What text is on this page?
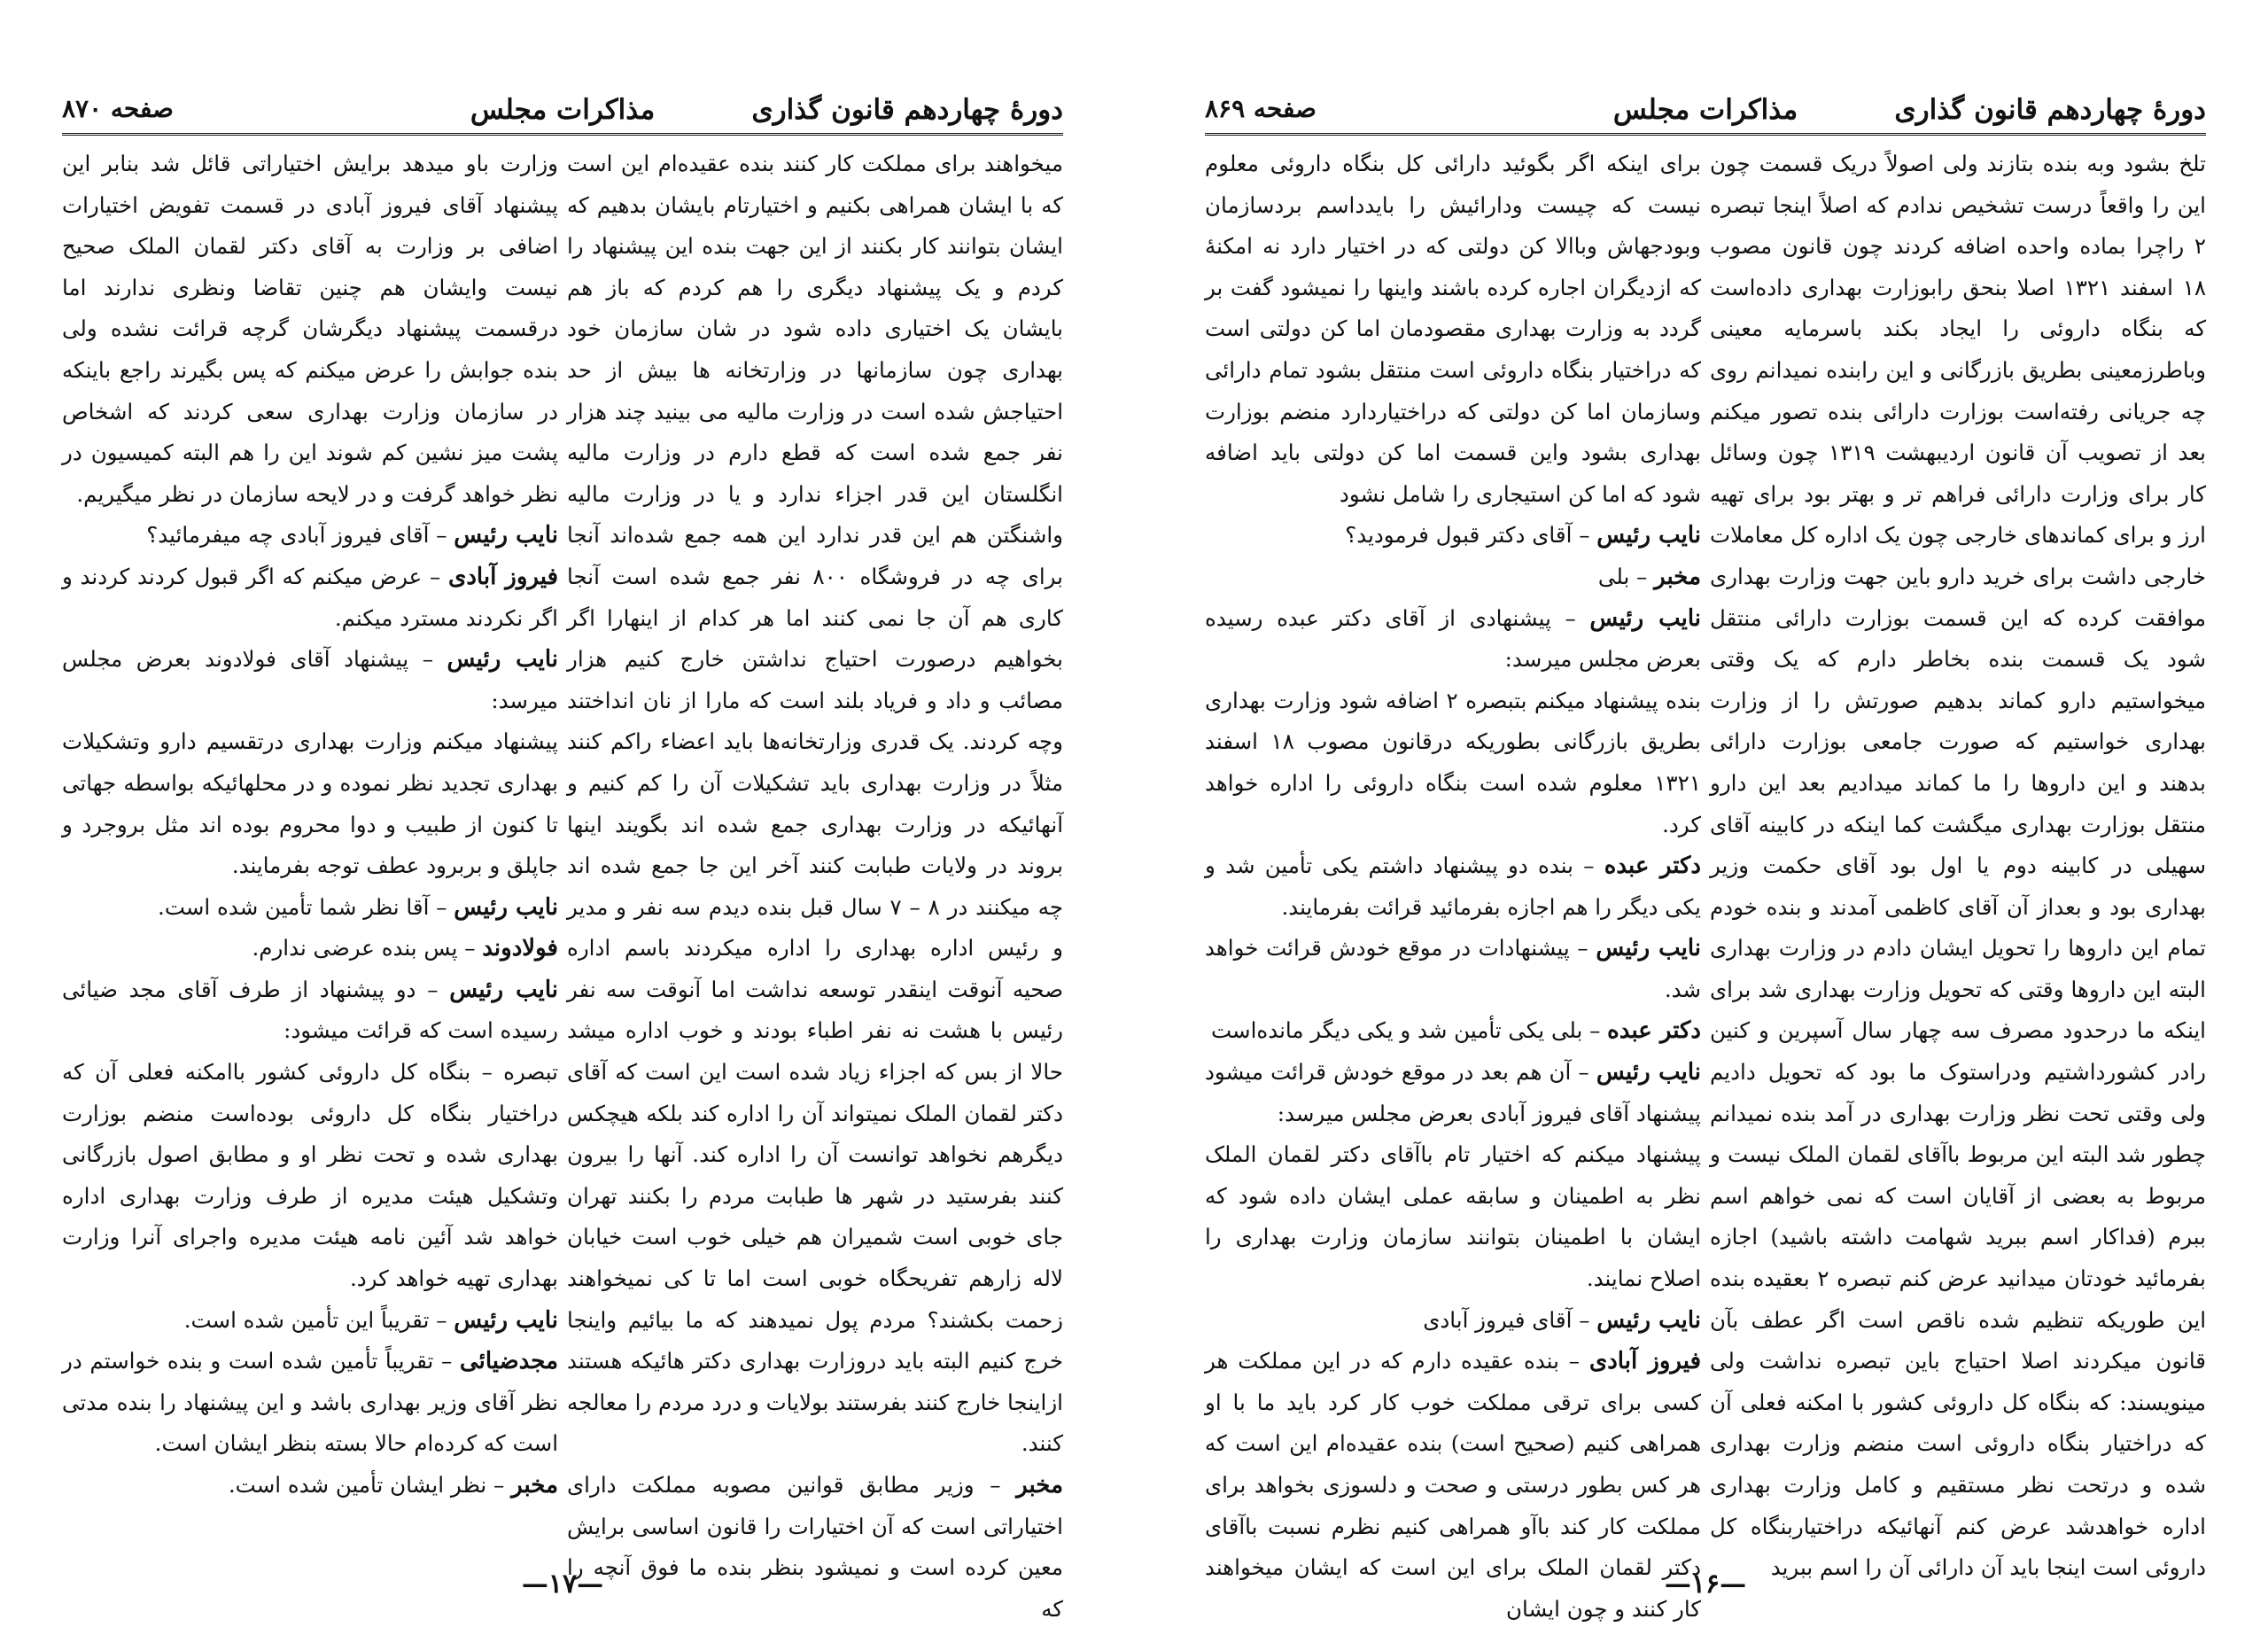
دورهٔ چهاردهم قانون گذاری
مذاکرات مجلس
صفحه ۸۷۰

میخواهند برای مملکت کار کنند بنده عقیده‌ام این است که با ایشان همراهی بکنیم و اختیارتام بایشان بدهیم که ایشان بتوانند کار بکنند از این جهت بنده این پیشنهاد را کردم و یک پیشنهاد دیگری را هم کردم که باز هم بایشان یک اختیاری داده شود در شان سازمان خود بهداری چون سازمانها در وزارتخانه ها بیش از حد احتیاجش شده است در وزارت مالیه می بینید چند هزار نفر جمع شده است که قطع دارم در وزارت مالیه انگلستان این قدر اجزاء ندارد و یا در وزارت مالیه واشنگتن هم این قدر ندارد این همه جمع شده‌اند آنجا برای چه در فروشگاه ۸۰۰ نفر جمع شده است آنجا کاری هم آن جا نمی کنند اما هر کدام از اینهارا اگر بخواهیم درصورت احتیاج نداشتن خارج کنیم هزار مصائب و داد و فریاد بلند است که مارا از نان انداختند وچه کردند. یک قدری وزارتخانه‌ها باید اعضاء راکم کنند مثلاً در وزارت بهداری باید تشکیلات آن را کم کنیم و آنهائیکه در وزارت بهداری جمع شده اند بگویند اینها بروند در ولایات طبابت کنند آخر این جا جمع شده اند چه میکنند در ۸ – ۷ سال قبل بنده دیدم سه نفر و مدیر و رئیس اداره بهداری را اداره میکردند باسم اداره صحیه آنوقت اینقدر توسعه نداشت اما آنوقت سه نفر رئیس با هشت نه نفر اطباء بودند و خوب اداره میشد حالا از بس که اجزاء زیاد شده است این است که آقای دکتر لقمان الملک نمیتواند آن را اداره کند بلکه هیچکس دیگرهم نخواهد توانست آن را اداره کند. آنها را بیرون کنند بفرستید در شهر ها طبابت مردم را بکنند تهران جای خوبی است شمیران هم خیلی خوب است خیابان لاله زارهم تفریحگاه خوبی است اما تا کی نمیخواهند زحمت بکشند؟ مردم پول نمیدهند که ما بیائیم واینجا خرج کنیم البته باید دروزارت بهداری دکتر هائیکه هستند ازاینجا خارج کنند بفرستند بولایات و درد مردم را معالجه کنند.

مخبر – وزیر مطابق قوانین مصوبه مملکت دارای اختیاراتی است که آن اختیارات را قانون اساسی برایش معین کرده است و نمیشود بنظر بنده ما فوق آنچه را که

وزارت باو میدهد برایش اختیاراتی قائل شد بنابر این پیشنهاد آقای فیروز آبادی در قسمت تفویض اختیارات اضافی بر وزارت به آقای دکتر لقمان الملک صحیح نیست وایشان هم چنین تقاضا ونظری ندارند اما درقسمت پیشنهاد دیگرشان گرچه قرائت نشده ولی بنده جوابش را عرض میکنم که پس بگیرند راجع باینکه در سازمان وزارت بهداری سعی کردند که اشخاص پشت میز نشین کم شوند این را هم البته کمیسیون در نظر خواهد گرفت و در لایحه سازمان در نظر میگیریم.

نایب رئیس – آقای فیروز آبادی چه میفرمائید؟

فیروز آبادی – عرض میکنم که اگر قبول کردند کردند و اگر نکردند مسترد میکنم.

نایب رئیس – پیشنهاد آقای فولادوند بعرض مجلس میرسد:

پیشنهاد میکنم وزارت بهداری درتقسیم دارو وتشکیلات بهداری تجدید نظر نموده و در محلهائیکه بواسطه جهاتی تا کنون از طبیب و دوا محروم بوده اند مثل بروجرد و جاپلق و بربرود عطف توجه بفرمایند.

نایب رئیس – آقا نظر شما تأمین شده است.

فولادوند – پس بنده عرضی ندارم.

نایب رئیس – دو پیشنهاد از طرف آقای مجد ضیائی رسیده است که قرائت میشود:

تبصره – بنگاه کل داروئی کشور باامکنه فعلی آن که دراختیار بنگاه کل داروئی بوده‌است منضم بوزارت بهداری شده و تحت نظر او و مطابق اصول بازرگانی وتشکیل هیئت مدیره از طرف وزارت بهداری اداره خواهد شد آئین نامه هیئت مدیره واجرای آنرا وزارت بهداری تهیه خواهد کرد.

نایب رئیس – تقریباً این تأمین شده است.

مجدضیائی – تقریباً تأمین شده است و بنده خواستم در نظر آقای وزیر بهداری باشد و این پیشنهاد را بنده مدتی است که کرده‌ام حالا بسته بنظر ایشان است.

مخبر – نظر ایشان تأمین شده است.

—۱۷—
دورهٔ چهاردهم قانون گذاری
مذاکرات مجلس
صفحه ۸۶۹

تلخ بشود وبه بنده بتازند ولی اصولاً دریک قسمت چون این را واقعاً درست تشخیص ندادم که اصلاً اینجا تبصره ۲ راچرا بماده واحده اضافه کردند چون قانون مصوب ۱۸ اسفند ۱۳۲۱ اصلا بنحق رابوزارت بهداری داده‌است که بنگاه داروئی را ایجاد بکند باسرمایه معینی وباطرزمعینی بطریق بازرگانی و این رابنده نمیدانم روی چه جریانی رفته‌است بوزارت دارائی بنده تصور میکنم بعد از تصویب آن قانون اردیبهشت ۱۳۱۹ چون وسائل کار برای وزارت دارائی فراهم تر و بهتر بود برای تهیه ارز و برای کماندهای خارجی چون یک اداره کل معاملات خارجی داشت برای خرید دارو باین جهت وزارت بهداری موافقت کرده که این قسمت بوزارت دارائی منتقل شود یک قسمت بنده بخاطر دارم که یک وقتی میخواستیم دارو کماند بدهیم صورتش را از وزارت بهداری خواستیم که صورت جامعی بوزارت دارائی بدهند و این داروها را ما کماند میدادیم بعد این دارو منتقل بوزارت بهداری میگشت کما اینکه در کابینه آقای سهیلی در کابینه دوم یا اول بود آقای حکمت وزیر بهداری بود و بعداز آن آقای کاظمی آمدند و بنده خودم تمام این داروها را تحویل ایشان دادم در وزارت بهداری البته این داروها وقتی که تحویل وزارت بهداری شد برای اینکه ما درحدود مصرف سه چهار سال آسپرین و کنین رادر کشورداشتیم ودراستوک ما بود که تحویل دادیم ولی وقتی تحت نظر وزارت بهداری در آمد بنده نمیدانم چطور شد البته این مربوط باآقای لقمان الملک نیست و مربوط به بعضی از آقایان است که نمی خواهم اسم ببرم (فداکار اسم ببرید شهامت داشته باشید) اجازه بفرمائید خودتان میدانید عرض کنم تبصره ۲ بعقیده بنده این طوریکه تنظیم شده ناقص است اگر عطف بآن قانون میکردند اصلا احتیاج باین تبصره نداشت ولی مینویسند: که بنگاه کل داروئی کشور با امکنه فعلی آن که دراختیار بنگاه داروئی است منضم وزارت بهداری شده و درتحت نظر مستقیم و کامل وزارت بهداری اداره خواهدشد عرض کنم آنهائیکه دراختیاربنگاه کل داروئی است اینجا باید آن دارائی آن را اسم ببرید

برای اینکه اگر بگوئید دارائی کل بنگاه داروئی معلوم نیست که چیست ودارائیش را بایدداسم بردسازمان وبودجهاش وباالا کن دولتی که در اختیار دارد نه امکنهٔ که ازدیگران اجاره کرده باشند واینها را نمیشود گفت بر گردد به وزارت بهداری مقصودمان اما کن دولتی است که دراختیار بنگاه داروئی است منتقل بشود تمام دارائی وسازمان اما کن دولتی که دراختیاردارد منضم بوزارت بهداری بشود واین قسمت اما کن دولتی باید اضافه شود که اما کن استیجاری را شامل نشود

نایب رئیس – آقای دکتر قبول فرمودید؟

مخبر – بلی

نایب رئیس – پیشنهادی از آقای دکتر عبده رسیده بعرض مجلس میرسد:

بنده پیشنهاد میکنم بتبصره ۲ اضافه شود وزارت بهداری بطریق بازرگانی بطوریکه درقانون مصوب ۱۸ اسفند ۱۳۲۱ معلوم شده است بنگاه داروئی را اداره خواهد کرد.

دکتر عبده – بنده دو پیشنهاد داشتم یکی تأمین شد و یکی دیگر را هم اجازه بفرمائید قرائت بفرمایند.

نایب رئیس – پیشنهادات در موقع خودش قرائت خواهد شد.

دکتر عبده – بلی یکی تأمین شد و یکی دیگر مانده‌است

نایب رئیس – آن هم بعد در موقع خودش قرائت میشود پیشنهاد آقای فیروز آبادی بعرض مجلس میرسد:

پیشنهاد میکنم که اختیار تام باآقای دکتر لقمان الملک نظر به اطمینان و سابقه عملی ایشان داده شود که ایشان با اطمینان بتوانند سازمان وزارت بهداری را اصلاح نمایند.

نایب رئیس – آقای فیروز آبادی

فیروز آبادی – بنده عقیده دارم که در این مملکت هر کسی برای ترقی مملکت خوب کار کرد باید ما با او همراهی کنیم (صحیح است) بنده عقیده‌ام این است که هر کس بطور درستی و صحت و دلسوزی بخواهد برای مملکت کار کند باآو همراهی کنیم نظرم نسبت باآقای دکتر لقمان الملک برای این است که ایشان میخواهند کار کنند و چون ایشان

—۱۶—
